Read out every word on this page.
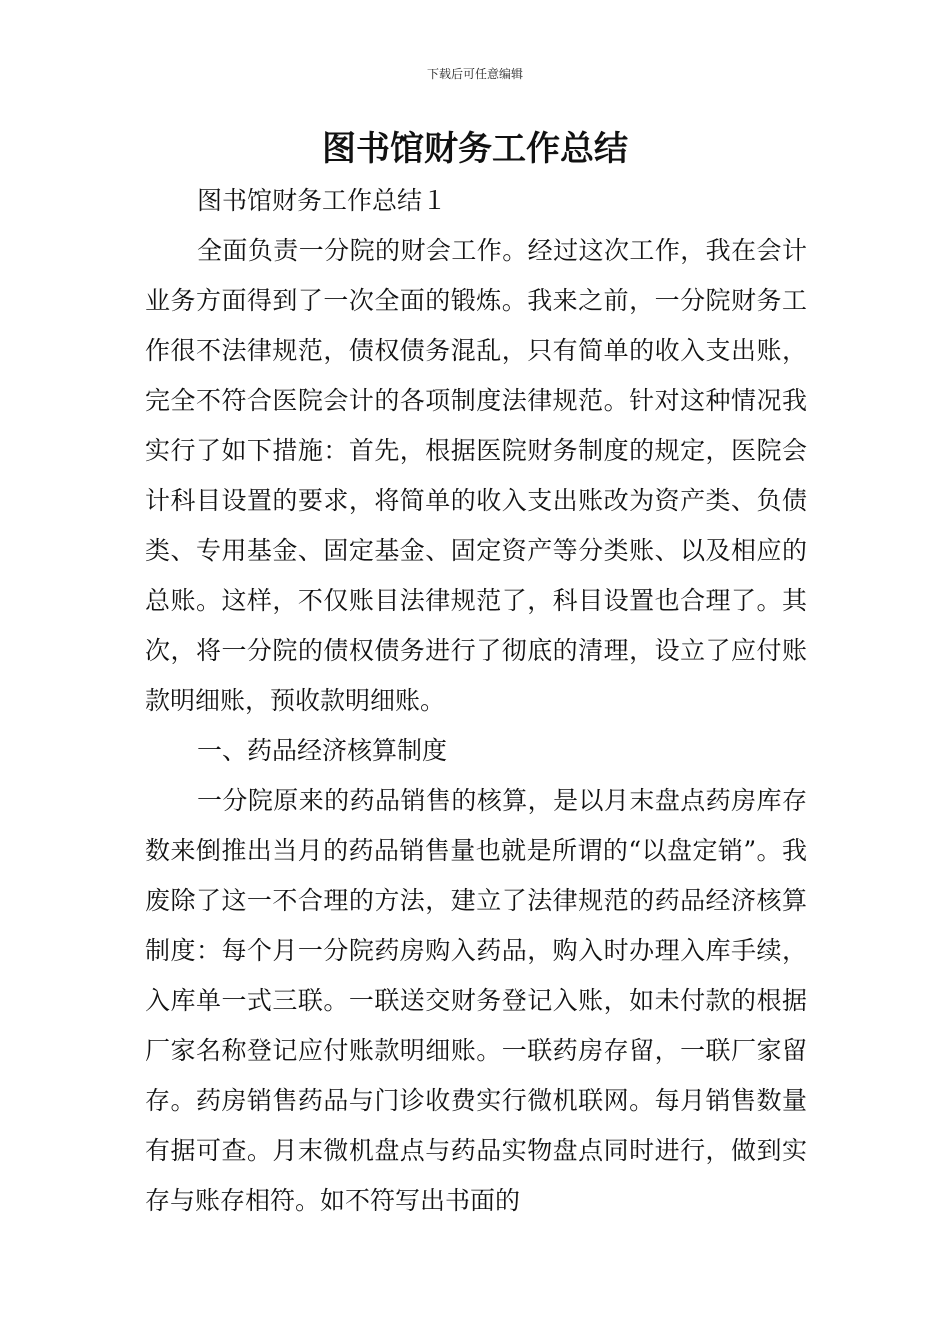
下载后可任意编辑
图书馆财务工作总结

图书馆财务工作总结１

全面负责一分院的财会工作。经过这次工作，我在会计业务方面得到了一次全面的锻炼。我来之前，一分院财务工作很不法律规范，债权债务混乱，只有简单的收入支出账，完全不符合医院会计的各项制度法律规范。针对这种情况我实行了如下措施：首先，根据医院财务制度的规定，医院会计科目设置的要求，将简单的收入支出账改为资产类、负债类、专用基金、固定基金、固定资产等分类账、以及相应的总账。这样，不仅账目法律规范了，科目设置也合理了。其次，将一分院的债权债务进行了彻底的清理，设立了应付账款明细账，预收款明细账。

一、药品经济核算制度

一分院原来的药品销售的核算，是以月末盘点药房库存数来倒推出当月的药品销售量也就是所谓的“以盘定销”。我废除了这一不合理的方法，建立了法律规范的药品经济核算制度：每个月一分院药房购入药品，购入时办理入库手续，入库单一式三联。一联送交财务登记入账，如未付款的根据厂家名称登记应付账款明细账。一联药房存留，一联厂家留存。药房销售药品与门诊收费实行微机联网。每月销售数量有据可查。月末微机盘点与药品实物盘点同时进行，做到实存与账存相符。如不符写出书面的
